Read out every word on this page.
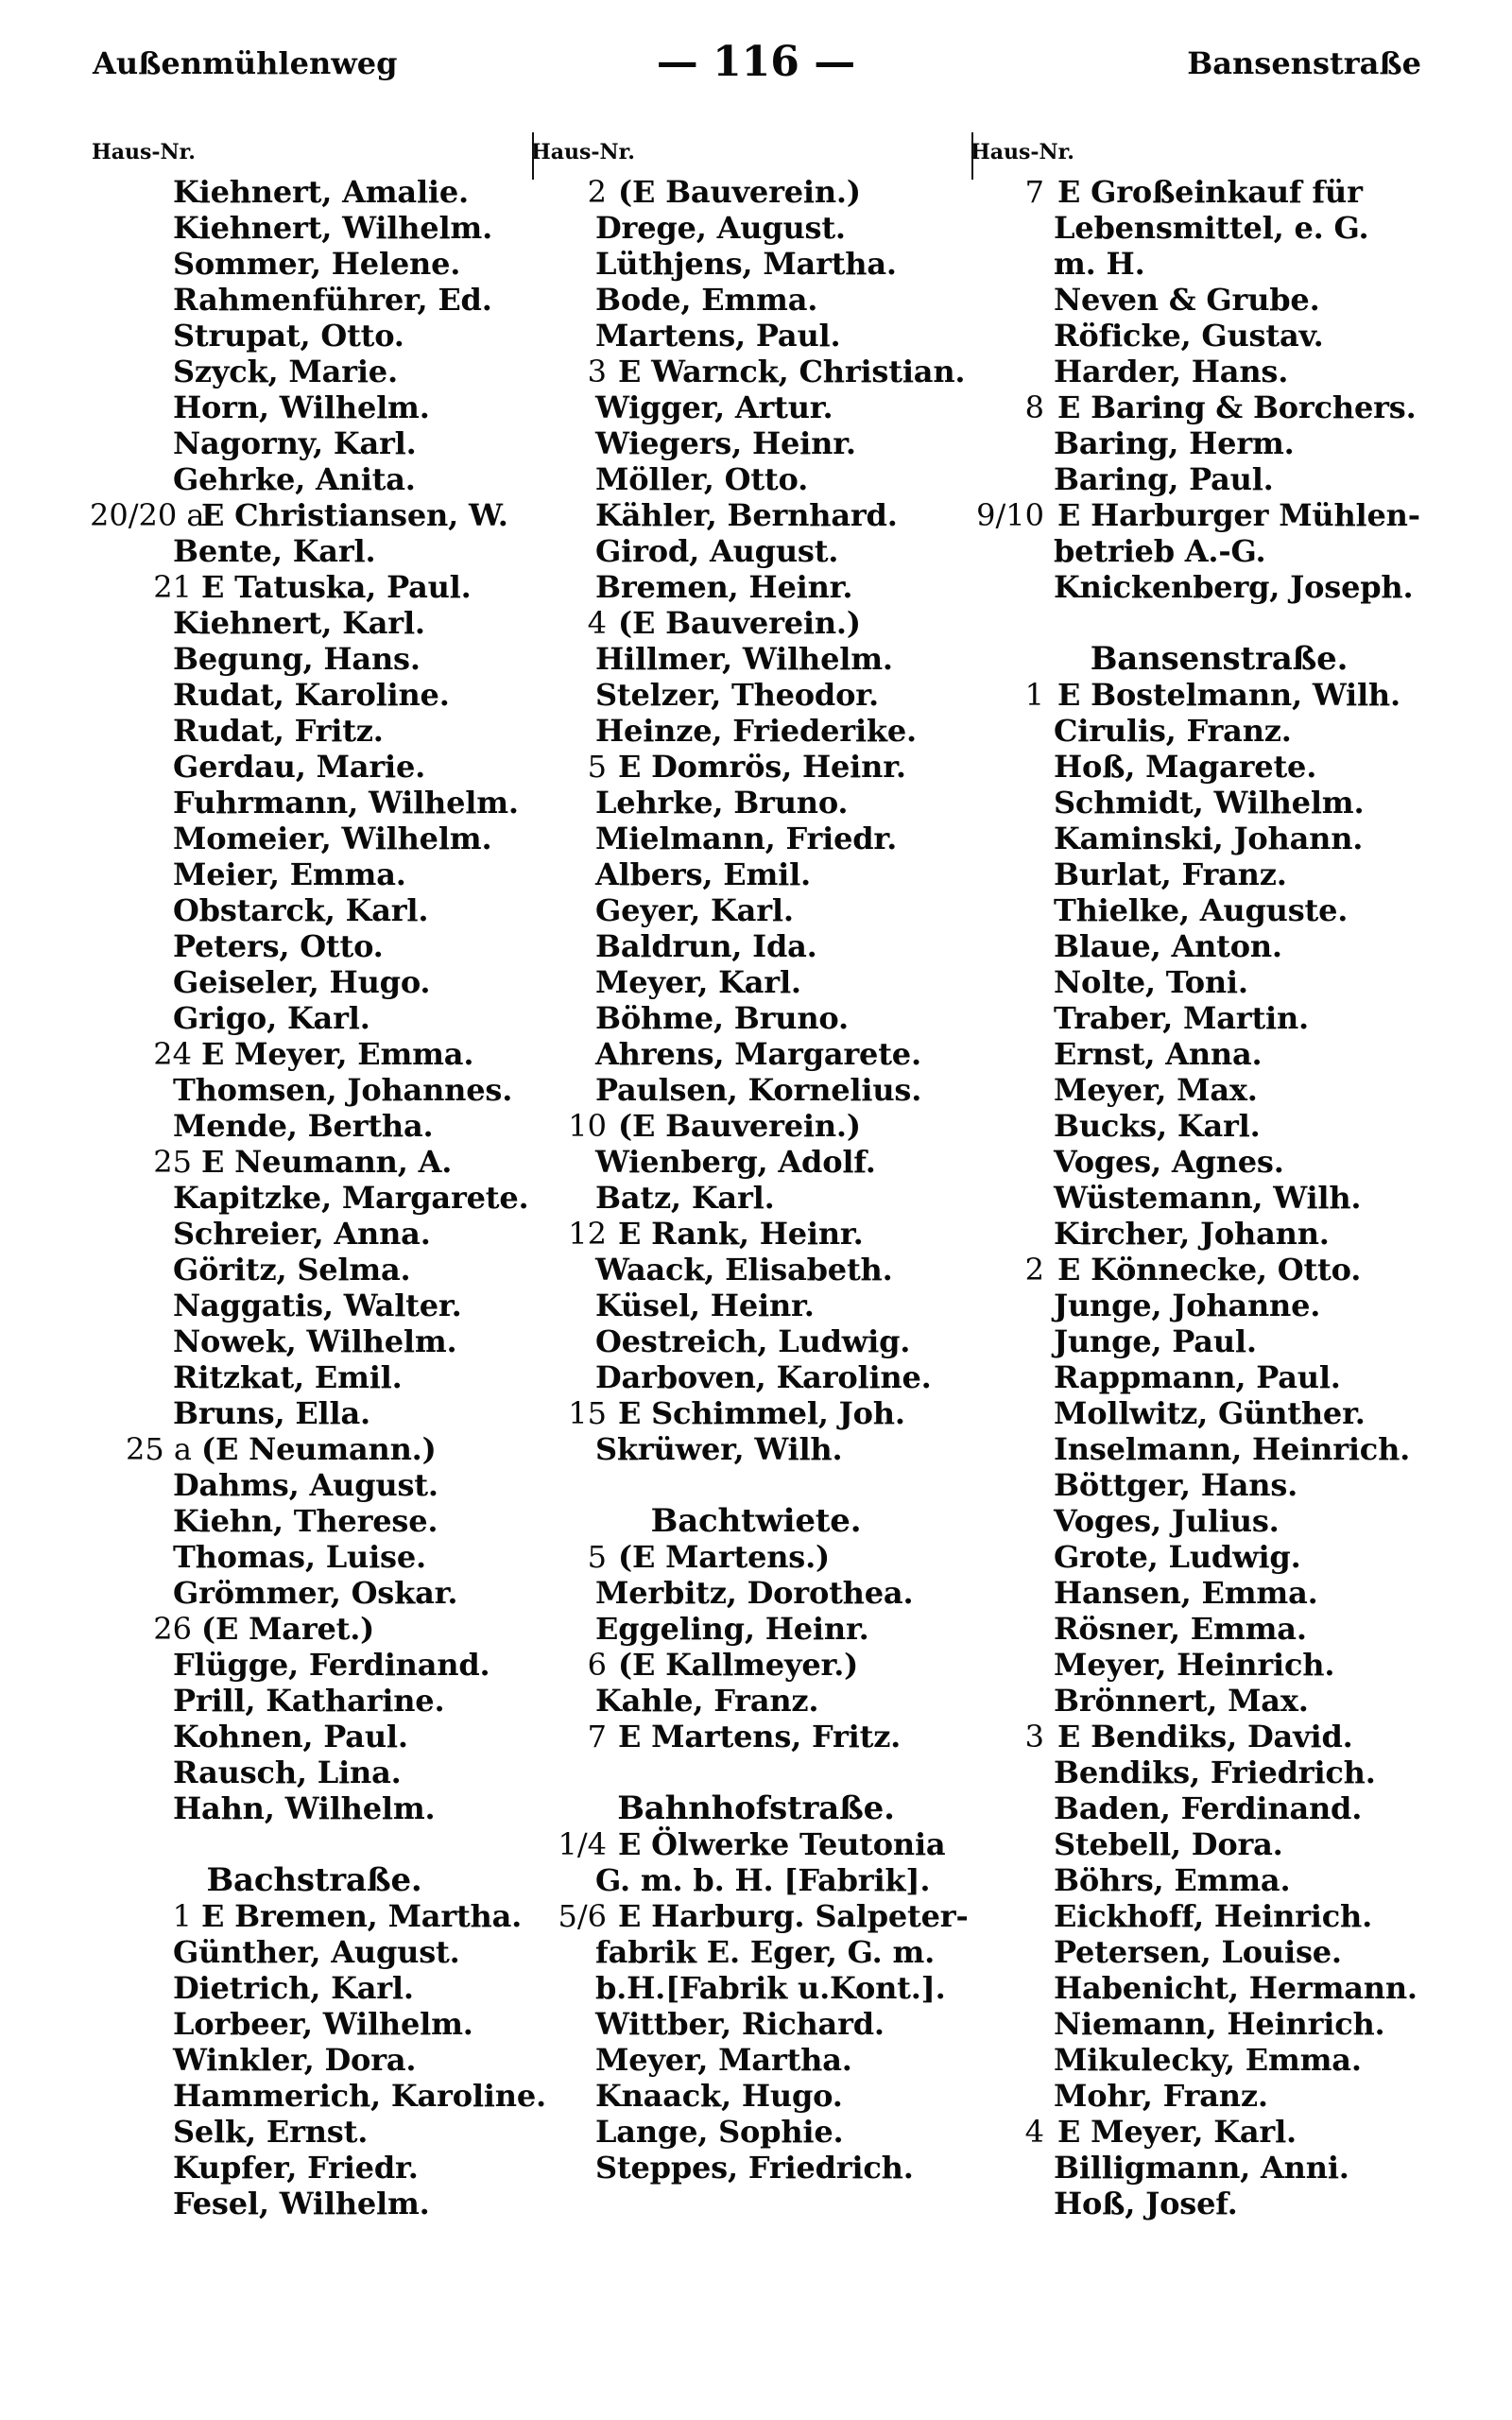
Außenmühlenweg	— 116 —	Bansenstraße
Haus-Nr.
Kiehnert, Amalie.
Kiehnert, Wilhelm.
Sommer, Helene.
Rahmenführer, Ed.
Strupat, Otto.
Szyck, Marie.
Horn, Wilhelm.
Nagorny, Karl.
Gehrke, Anita.
20/20 a
E Christiansen, W.
Bente, Karl.
21 E Tatuska, Paul.
Kiehnert, Karl.
Begung, Hans.
Rudat, Karoline.
Rudat, Fritz.
Gerdau, Marie.
Fuhrmann, Wilhelm.
Momeier, Wilhelm.
Meier, Emma.
Obstarck, Karl.
Peters, Otto.
Geiseler, Hugo.
Grigo, Karl.
24 E Meyer, Emma.
Thomsen, Johannes.
Mende, Bertha.
25 E Neumann, A.
Kapitzke, Margarete.
Schreier, Anna.
Göritz, Selma.
Naggatis, Walter.
Nowek, Wilhelm.
Ritzkat, Emil.
Bruns, Ella.
25 a (E Neumann.)
Dahms, August.
Kiehn, Therese.
Thomas, Luise.
Grömmer, Oskar.
26 (E Maret.)
Flügge, Ferdinand.
Prill, Katharine.
Kohnen, Paul.
Rausch, Lina.
Hahn, Wilhelm.
Bachstraße.
1 E Bremen, Martha.
Günther, August.
Dietrich, Karl.
Lorbeer, Wilhelm.
Winkler, Dora.
Hammerich, Karoline.
Selk, Ernst.
Kupfer, Friedr.
Fesel, Wilhelm.
Haus-Nr.
2 (E Bauverein.)
Drege, August.
Lüthjens, Martha.
Bode, Emma.
Martens, Paul.
3 E Warnck, Christian.
Wigger, Artur.
Wiegers, Heinr.
Möller, Otto.
Kähler, Bernhard.
Girod, August.
Bremen, Heinr.
4 (E Bauverein.)
Hillmer, Wilhelm.
Stelzer, Theodor.
Heinze, Friederike.
5 E Domrös, Heinr.
Lehrke, Bruno.
Mielmann, Friedr.
Albers, Emil.
Geyer, Karl.
Baldrun, Ida.
Meyer, Karl.
Böhme, Bruno.
Ahrens, Margarete.
Paulsen, Kornelius.
10 (E Bauverein.)
Wienberg, Adolf.
Batz, Karl.
12 E Rank, Heinr.
Waack, Elisabeth.
Küsel, Heinr.
Oestreich, Ludwig.
Darboven, Karoline.
15 E Schimmel, Joh.
Skrüwer, Wilh.
Bachtwiete.
5 (E Martens.)
Merbitz, Dorothea.
Eggeling, Heinr.
6 (E Kallmeyer.)
Kahle, Franz.
7 E Martens, Fritz.
Bahnhofstraße.
1/4 E Ölwerke Teutonia
G. m. b. H. [Fabrik].
5/6 E Harburg. Salpeter-
fabrik E. Eger, G. m.
b.H.[Fabrik u.Kont.].
Wittber, Richard.
Meyer, Martha.
Knaack, Hugo.
Lange, Sophie.
Steppes, Friedrich.
Haus-Nr.
7 E Großeinkauf für
Lebensmittel, e. G.
m. H.
Neven & Grube.
Röficke, Gustav.
Harder, Hans.
8 E Baring & Borchers.
Baring, Herm.
Baring, Paul.
9/10 E Harburger Mühlen-
betrieb A.-G.
Knickenberg, Joseph.
Bansenstraße.
1 E Bostelmann, Wilh.
Cirulis, Franz.
Hoß, Magarete.
Schmidt, Wilhelm.
Kaminski, Johann.
Burlat, Franz.
Thielke, Auguste.
Blaue, Anton.
Nolte, Toni.
Traber, Martin.
Ernst, Anna.
Meyer, Max.
Bucks, Karl.
Voges, Agnes.
Wüstemann, Wilh.
Kircher, Johann.
2 E Könnecke, Otto.
Junge, Johanne.
Junge, Paul.
Rappmann, Paul.
Mollwitz, Günther.
Inselmann, Heinrich.
Böttger, Hans.
Voges, Julius.
Grote, Ludwig.
Hansen, Emma.
Rösner, Emma.
Meyer, Heinrich.
Brönnert, Max.
3 E Bendiks, David.
Bendiks, Friedrich.
Baden, Ferdinand.
Stebell, Dora.
Böhrs, Emma.
Eickhoff, Heinrich.
Petersen, Louise.
Habenicht, Hermann.
Niemann, Heinrich.
Mikulecky, Emma.
Mohr, Franz.
4 E Meyer, Karl.
Billigmann, Anni.
Hoß, Josef.
